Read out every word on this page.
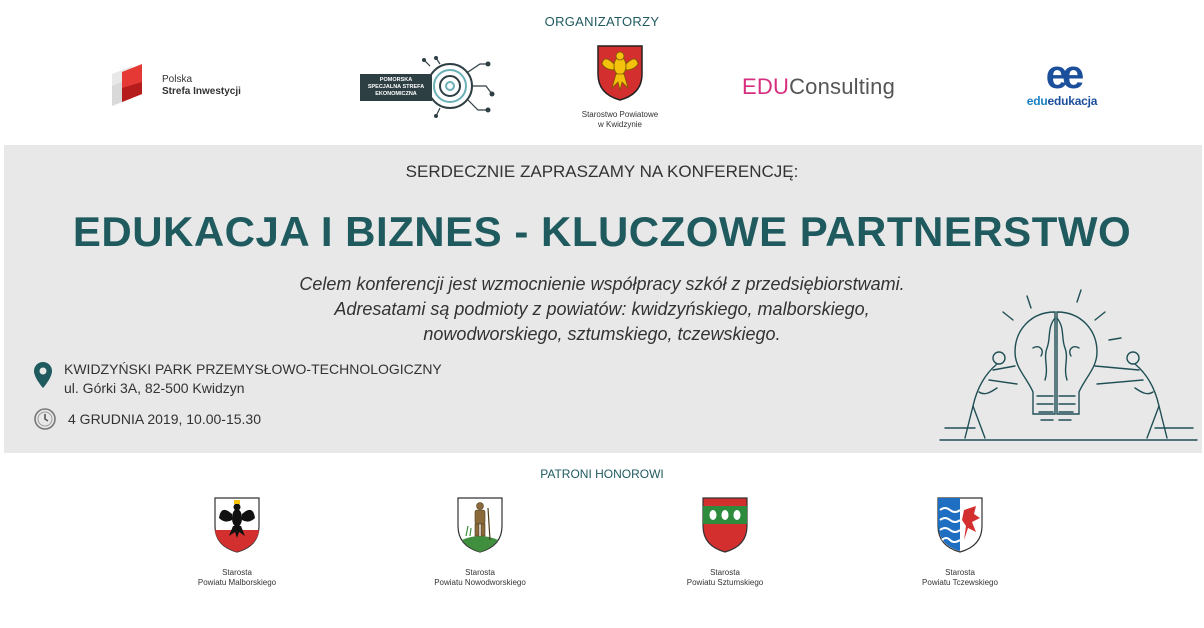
ORGANIZATORZY
Polska
Strefa Inwestycji
POMORSKA
SPECJALNA STREFA
EKONOMICZNA
Starostwo Powiatowe
w Kwidzynie
EDU Consulting	ee
eduedukacja
SERDECZNIE ZAPRASZAMY NA KONFERENCJĘ:
EDUKACJA I BIZNES - KLUCZOWE PARTNERSTWO
Celem konferencji jest wzmocnienie współpracy szkół z przedsiębiorstwami.
Adresatami są podmioty z powiatów: kwidzyńskiego, malborskiego,
nowodworskiego, sztumskiego, tczewskiego.
KWIDZYŃSKI PARK PRZEMYSŁOWO-TECHNOLOGICZNY
ul. Górki 3A, 82-500 Kwidzyn
4 GRUDNIA 2019, 10.00-15.30
PATRONI HONOROWI
Starosta
Powiatu Malborskiego
Starosta
Powiatu Nowodworskiego
Starosta
Powiatu Sztumskiego
Starosta
Powiatu Tczewskiego
